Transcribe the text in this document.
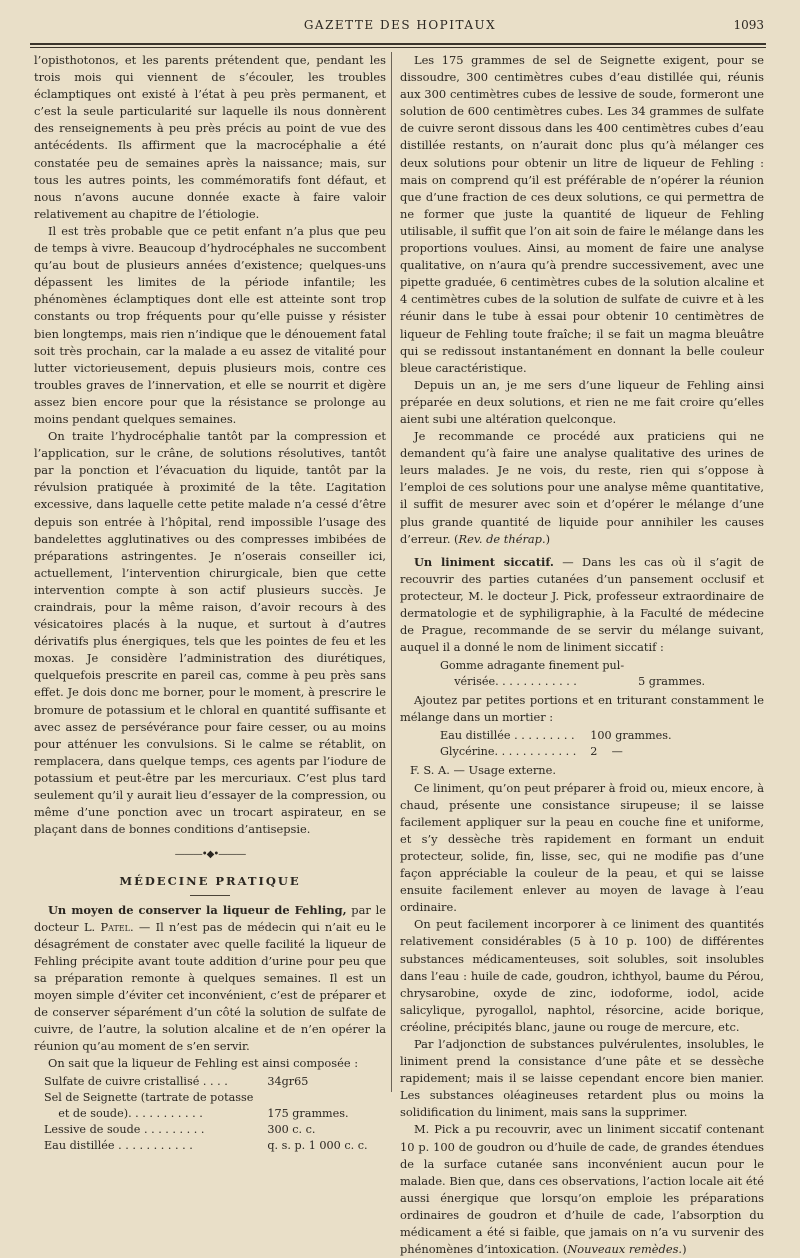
GAZETTE DES HOPITAUX	1093

l’opisthotonos, et les parents prétendent que, pendant les trois mois qui viennent de s’écouler, les troubles éclamptiques ont existé à l’état à peu près permanent, et c’est la seule particularité sur laquelle ils nous donnèrent des renseignements à peu près précis au point de vue des antécédents. Ils affirment que la macrocéphalie a été constatée peu de semaines après la naissance; mais, sur tous les autres points, les commémoratifs font défaut, et nous n’avons aucune donnée exacte à faire valoir relativement au chapitre de l’étiologie.

Il est très probable que ce petit enfant n’a plus que peu de temps à vivre. Beaucoup d’hydrocéphales ne succombent qu’au bout de plusieurs années d’existence; quelques-uns dépassent les limites de la période infantile; les phénomènes éclamptiques dont elle est atteinte sont trop constants ou trop fréquents pour qu’elle puisse y résister bien longtemps, mais rien n’indique que le dénouement fatal soit très prochain, car la malade a eu assez de vitalité pour lutter victorieusement, depuis plusieurs mois, contre ces troubles graves de l’innervation, et elle se nourrit et digère assez bien encore pour que la résistance se prolonge au moins pendant quelques semaines.

On traite l’hydrocéphalie tantôt par la compression et l’application, sur le crâne, de solutions résolutives, tantôt par la ponction et l’évacuation du liquide, tantôt par la révulsion pratiquée à proximité de la tête. L’agitation excessive, dans laquelle cette petite malade n’a cessé d’être depuis son entrée à l’hôpital, rend impossible l’usage des bandelettes agglutinatives ou des compresses imbibées de préparations astringentes. Je n’oserais conseiller ici, actuellement, l’intervention chirurgicale, bien que cette intervention compte à son actif plusieurs succès. Je craindrais, pour la même raison, d’avoir recours à des vésicatoires placés à la nuque, et surtout à d’autres dérivatifs plus énergiques, tels que les pointes de feu et les moxas. Je considère l’administration des diurétiques, quelquefois prescrite en pareil cas, comme à peu près sans effet. Je dois donc me borner, pour le moment, à prescrire le bromure de potassium et le chloral en quantité suffisante et avec assez de persévérance pour faire cesser, ou au moins pour atténuer les convulsions. Si le calme se rétablit, on remplacera, dans quelque temps, ces agents par l’iodure de potassium et peut-être par les mercuriaux. C’est plus tard seulement qu’il y aurait lieu d’essayer de la compression, ou même d’une ponction avec un trocart aspirateur, en se plaçant dans de bonnes conditions d’antisepsie.

———•◆•———
MÉDECINE PRATIQUE

Un moyen de conserver la liqueur de Fehling, par le docteur L. Patel. — Il n’est pas de médecin qui n’ait eu le désagrément de constater avec quelle facilité la liqueur de Fehling précipite avant toute addition d’urine pour peu que sa préparation remonte à quelques semaines. Il est un moyen simple d’éviter cet inconvénient, c’est de préparer et de conserver séparément d’un côté la solution de sulfate de cuivre, de l’autre, la solution alcaline et de n’en opérer la réunion qu’au moment de s’en servir.

On sait que la liqueur de Fehling est ainsi composée :

Sulfate de cuivre cristallisé . . . .	34gr65
Sel de Seignette (tartrate de potasse	
et de soude). . . . . . . . . . .	175 grammes.
Lessive de soude . . . . . . . . .	300 c. c.
Eau distillée . . . . . . . . . . .	q. s. p. 1 000 c. c.

Les 175 grammes de sel de Seignette exigent, pour se dissoudre, 300 centimètres cubes d’eau distillée qui, réunis aux 300 centimètres cubes de lessive de soude, formeront une solution de 600 centimètres cubes. Les 34 grammes de sulfate de cuivre seront dissous dans les 400 centimètres cubes d’eau distillée restants, on n’aurait donc plus qu’à mélanger ces deux solutions pour obtenir un litre de liqueur de Fehling : mais on comprend qu’il est préférable de n’opérer la réunion que d’une fraction de ces deux solutions, ce qui permettra de ne former que juste la quantité de liqueur de Fehling utilisable, il suffit que l’on ait soin de faire le mélange dans les proportions voulues. Ainsi, au moment de faire une analyse qualitative, on n’aura qu’à prendre successivement, avec une pipette graduée, 6 centimètres cubes de la solution alcaline et 4 centimètres cubes de la solution de sulfate de cuivre et à les réunir dans le tube à essai pour obtenir 10 centimètres de liqueur de Fehling toute fraîche; il se fait un magma bleuâtre qui se redissout instantanément en donnant la belle couleur bleue caractéristique.

Depuis un an, je me sers d’une liqueur de Fehling ainsi préparée en deux solutions, et rien ne me fait croire qu’elles aient subi une altération quelconque.

Je recommande ce procédé aux praticiens qui ne demandent qu’à faire une analyse qualitative des urines de leurs malades. Je ne vois, du reste, rien qui s’oppose à l’emploi de ces solutions pour une analyse même quantitative, il suffit de mesurer avec soin et d’opérer le mélange d’une plus grande quantité de liquide pour annihiler les causes d’erreur. (Rev. de thérap.)

Un liniment siccatif. — Dans les cas où il s’agit de recouvrir des parties cutanées d’un pansement occlusif et protecteur, M. le docteur J. Pick, professeur extraordinaire de dermatologie et de syphiligraphie, à la Faculté de médecine de Prague, recommande de se servir du mélange suivant, auquel il a donné le nom de liniment siccatif :

Gomme adragante finement pul-	
vérisée. . . . . . . . . . . .	5 grammes.

Ajoutez par petites portions et en triturant constamment le mélange dans un mortier :

Eau distillée . . . . . . . . .	100 grammes.
Glycérine. . . . . . . . . . . .	2    —

F. S. A. — Usage externe.

Ce liniment, qu’on peut préparer à froid ou, mieux encore, à chaud, présente une consistance sirupeuse; il se laisse facilement appliquer sur la peau en couche fine et uniforme, et s’y dessèche très rapidement en formant un enduit protecteur, solide, fin, lisse, sec, qui ne modifie pas d’une façon appréciable la couleur de la peau, et qui se laisse ensuite facilement enlever au moyen de lavage à l’eau ordinaire.

On peut facilement incorporer à ce liniment des quantités relativement considérables (5 à 10 p. 100) de différentes substances médicamenteuses, soit solubles, soit insolubles dans l’eau : huile de cade, goudron, ichthyol, baume du Pérou, chrysarobine, oxyde de zinc, iodoforme, iodol, acide salicylique, pyrogallol, naphtol, résorcine, acide borique, créoline, précipités blanc, jaune ou rouge de mercure, etc.

Par l’adjonction de substances pulvérulentes, insolubles, le liniment prend la consistance d’une pâte et se dessèche rapidement; mais il se laisse cependant encore bien manier. Les substances oléagineuses retardent plus ou moins la solidification du liniment, mais sans la supprimer.

M. Pick a pu recouvrir, avec un liniment siccatif contenant 10 p. 100 de goudron ou d’huile de cade, de grandes étendues de la surface cutanée sans inconvénient aucun pour le malade. Bien que, dans ces observations, l’action locale ait été aussi énergique que lorsqu’on emploie les préparations ordinaires de goudron et d’huile de cade, l’absorption du médicament a été si faible, que jamais on n’a vu survenir des phénomènes d’intoxication. (Nouveaux remèdes.)
